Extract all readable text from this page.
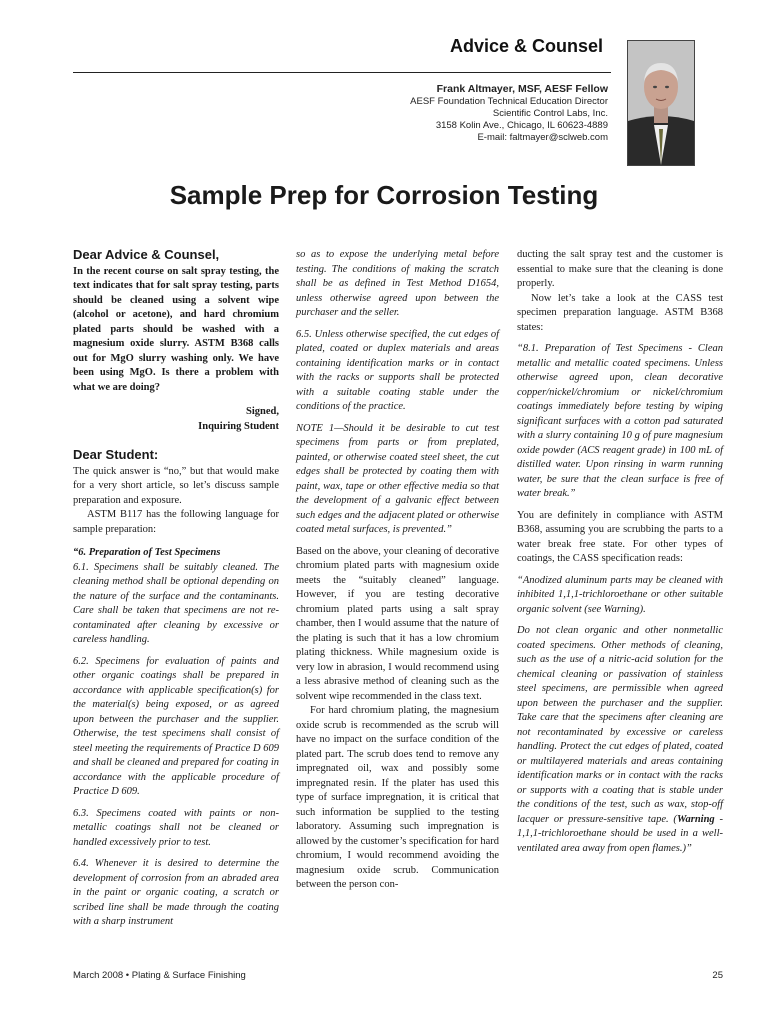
Advice & Counsel
Frank Altmayer, MSF, AESF Fellow
AESF Foundation Technical Education Director
Scientific Control Labs, Inc.
3158 Kolin Ave., Chicago, IL 60623-4889
E-mail: faltmayer@sclweb.com
Sample Prep for Corrosion Testing

Dear Advice & Counsel,

In the recent course on salt spray testing, the text indicates that for salt spray testing, parts should be cleaned using a solvent wipe (alcohol or acetone), and hard chromium plated parts should be washed with a magnesium oxide slurry. ASTM B368 calls out for MgO slurry washing only. We have been using MgO. Is there a problem with what we are doing?

Signed,
Inquiring Student

Dear Student:

The quick answer is “no,” but that would make for a very short article, so let’s discuss sample preparation and exposure.

ASTM B117 has the following language for sample preparation:

“6. Preparation of Test Specimens

6.1. Specimens shall be suitably cleaned. The cleaning method shall be optional depending on the nature of the surface and the contaminants. Care shall be taken that specimens are not re-contaminated after cleaning by excessive or careless handling.

6.2. Specimens for evaluation of paints and other organic coatings shall be prepared in accordance with applicable specification(s) for the material(s) being exposed, or as agreed upon between the purchaser and the supplier. Otherwise, the test specimens shall consist of steel meeting the requirements of Practice D 609 and shall be cleaned and prepared for coating in accordance with the applicable procedure of Practice D 609.

6.3. Specimens coated with paints or non-metallic coatings shall not be cleaned or handled excessively prior to test.

6.4. Whenever it is desired to determine the development of corrosion from an abraded area in the paint or organic coating, a scratch or scribed line shall be made through the coating with a sharp instrument

so as to expose the underlying metal before testing. The conditions of making the scratch shall be as defined in Test Method D1654, unless otherwise agreed upon between the purchaser and the seller.

6.5. Unless otherwise specified, the cut edges of plated, coated or duplex materials and areas containing identification marks or in contact with the racks or supports shall be protected with a suitable coating stable under the conditions of the practice.

NOTE 1—Should it be desirable to cut test specimens from parts or from preplated, painted, or otherwise coated steel sheet, the cut edges shall be protected by coating them with paint, wax, tape or other effective media so that the development of a galvanic effect between such edges and the adjacent plated or otherwise coated metal surfaces, is prevented.”

Based on the above, your cleaning of decorative chromium plated parts with magnesium oxide meets the “suitably cleaned” language. However, if you are testing decorative chromium plated parts using a salt spray chamber, then I would assume that the nature of the plating is such that it has a low chromium plating thickness. While magnesium oxide is very low in abrasion, I would recommend using a less abrasive method of cleaning such as the solvent wipe recommended in the class text.

For hard chromium plating, the magnesium oxide scrub is recommended as the scrub will have no impact on the surface condition of the plated part. The scrub does tend to remove any impregnated oil, wax and possibly some impregnated resin. If the plater has used this type of surface impregnation, it is critical that such information be supplied to the testing laboratory. Assuming such impregnation is allowed by the customer’s specification for hard chromium, I would recommend avoiding the magnesium oxide scrub. Communication between the person con-

ducting the salt spray test and the customer is essential to make sure that the cleaning is done properly.

Now let’s take a look at the CASS test specimen preparation language. ASTM B368 states:

“8.1. Preparation of Test Specimens - Clean metallic and metallic coated specimens. Unless otherwise agreed upon, clean decorative copper/nickel/chromium or nickel/chromium coatings immediately before testing by wiping significant surfaces with a cotton pad saturated with a slurry containing 10 g of pure magnesium oxide powder (ACS reagent grade) in 100 mL of distilled water. Upon rinsing in warm running water, be sure that the clean surface is free of water break.”

You are definitely in compliance with ASTM B368, assuming you are scrubbing the parts to a water break free state. For other types of coatings, the CASS specification reads:

“Anodized aluminum parts may be cleaned with inhibited 1,1,1-trichloroethane or other suitable organic solvent (see Warning).

Do not clean organic and other nonmetallic coated specimens. Other methods of cleaning, such as the use of a nitric-acid solution for the chemical cleaning or passivation of stainless steel specimens, are permissible when agreed upon between the purchaser and the supplier. Take care that the specimens after cleaning are not recontaminated by excessive or careless handling. Protect the cut edges of plated, coated or multilayered materials and areas containing identification marks or in contact with the racks or supports with a coating that is stable under the conditions of the test, such as wax, stop-off lacquer or pressure-sensitive tape. (Warning - 1,1,1-trichloroethane should be used in a well-ventilated area away from open flames.)”

March 2008 • Plating & Surface Finishing	25
